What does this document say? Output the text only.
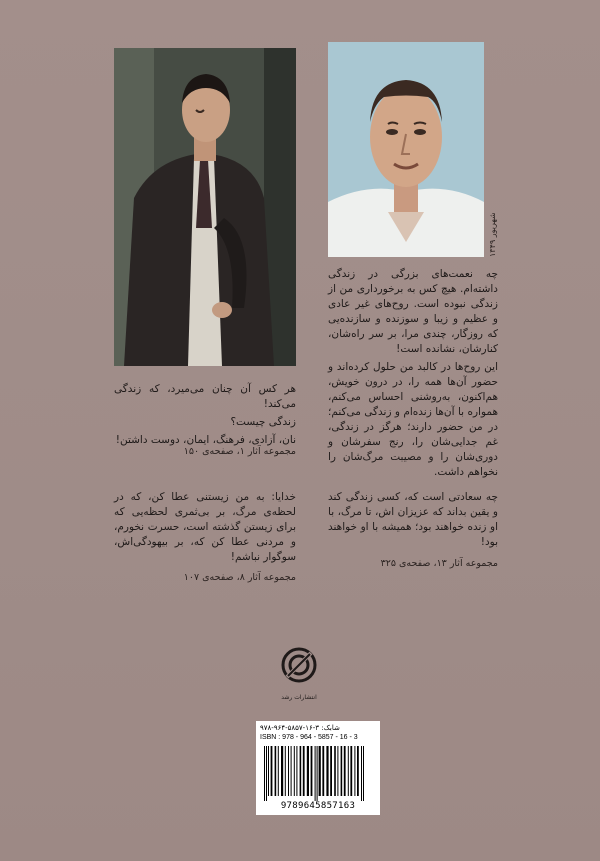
شهریور ۱۳۴۹

چه نعمت‌های بزرگی در زندگی داشته‌ام. هیچ کس به برخورداری من از زندگی نبوده است. روح‌های غیر عادی و عظیم و زیبا و سوزنده و سازنده‌یی که روزگار، چندی مرا، بر سر راه‌شان، کنارشان، نشانده است!

این روح‌ها در کالبد من حلول کرده‌اند و حضور آن‌ها همه را، در درون خویش، هم‌اکنون، به‌روشنی احساس می‌کنم، همواره با آن‌ها زنده‌ام و زندگی می‌کنم؛ در من حضور دارند؛ هرگز در زندگی، غم جدایی‌شان را، رنج سفرشان و دوری‌شان را و مصیبت مرگ‌شان را نخواهم داشت.

چه سعادتی است که، کسی زندگی کند و یقین بداند که عزیزان اش، تا مرگ، با او زنده خواهند بود؛ همیشه با او خواهند بود!

مجموعه آثار ۱۳، صفحه‌ی ۳۲۵

هر کس آن چنان می‌میرد، که زندگی می‌کند!

زندگی چیست؟

نان، آزادی، فرهنگ، ایمان، دوست داشتن!

مجموعه آثار ۱، صفحه‌ی ۱۵۰

خدایا: به من زیستنی عطا کن، که در لحظه‌ی مرگ، بر بی‌ثمری لحظه‌یی که برای زیستن گذشته است، حسرت نخورم، و مردنی عطا کن که، بر بیهودگی‌اش، سوگوار نباشم!

مجموعه آثار ۸، صفحه‌ی ۱۰۷
انتشارات رشد
شابک: ۳-۱۶-۵۸۵۷-۹۶۴-۹۷۸
ISBN : 978 - 964 - 5857 - 16 - 3
9789645857163
